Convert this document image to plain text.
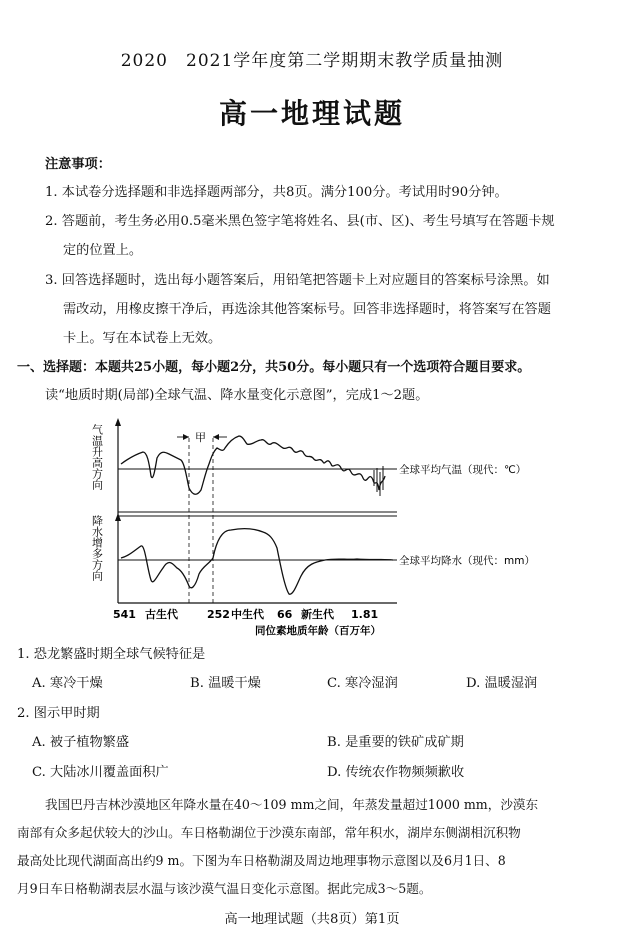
2020　2021学年度第二学期期末教学质量抽测
高一地理试题
注意事项：
1. 本试卷分选择题和非选择题两部分，共8页。满分100分。考试用时90分钟。
2. 答题前，考生务必用0.5毫米黑色签字笔将姓名、县(市、区)、考生号填写在答题卡规
定的位置上。
3. 回答选择题时，选出每小题答案后，用铅笔把答题卡上对应题目的答案标号涂黑。如
需改动，用橡皮擦干净后，再选涂其他答案标号。回答非选择题时，将答案写在答题
卡上。写在本试卷上无效。
一、选择题：本题共25小题，每小题2分，共50分。每小题只有一个选项符合题目要求。
读“地质时期(局部)全球气温、降水量变化示意图”，完成1～2题。
气温升高方向
降水增多方向
甲
全球平均气温（现代：℃）
全球平均降水（现代：mm）
541 古生代	252 中生代 66 新生代 1.81
同位素地质年龄（百万年）
1. 恐龙繁盛时期全球气候特征是
A. 寒冷干燥	B. 温暖干燥	C. 寒冷湿润	D. 温暖湿润
2. 图示甲时期
A. 被子植物繁盛	B. 是重要的铁矿成矿期
C. 大陆冰川覆盖面积广	D. 传统农作物频频歉收
我国巴丹吉林沙漠地区年降水量在40～109 mm之间，年蒸发量超过1000 mm，沙漠东
南部有众多起伏较大的沙山。车日格勒湖位于沙漠东南部，常年积水，湖岸东侧湖相沉积物
最高处比现代湖面高出约9 m。下图为车日格勒湖及周边地理事物示意图以及6月1日、8
月9日车日格勒湖表层水温与该沙漠气温日变化示意图。据此完成3～5题。
高一地理试题（共8页）第1页
